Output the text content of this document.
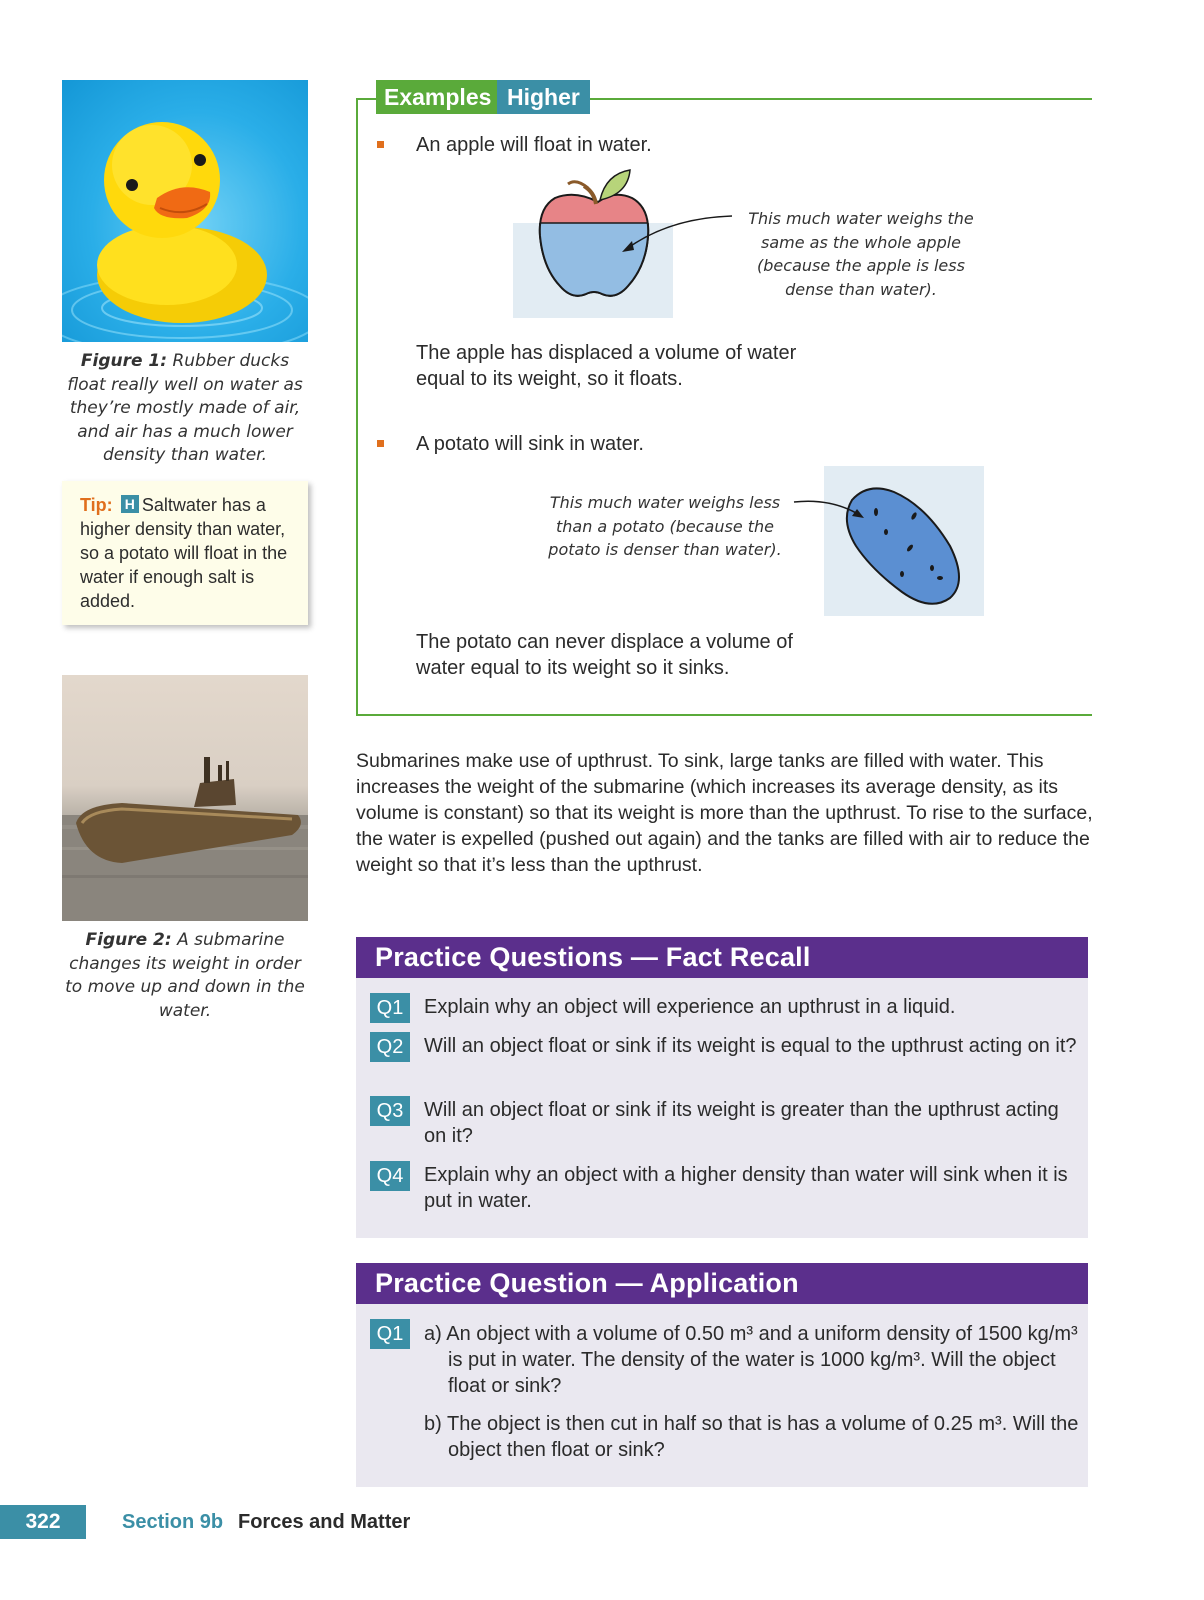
Figure 1: Rubber ducks float really well on water as they’re mostly made of air, and air has a much lower density than water.
Tip: H Saltwater has a higher density than water, so a potato will float in the water if enough salt is added.
Figure 2: A submarine changes its weight in order to move up and down in the water.
Examples Higher
An apple will float in water.
This much water weighs the same as the whole apple (because the apple is less dense than water).
The apple has displaced a volume of water equal to its weight, so it floats.
A potato will sink in water.
This much water weighs less than a potato (because the potato is denser than water).
The potato can never displace a volume of water equal to its weight so it sinks.
Submarines make use of upthrust. To sink, large tanks are filled with water. This increases the weight of the submarine (which increases its average density, as its volume is constant) so that its weight is more than the upthrust. To rise to the surface, the water is expelled (pushed out again) and the tanks are filled with air to reduce the weight so that it’s less than the upthrust.
Practice Questions — Fact Recall
Q1	Explain why an object will experience an upthrust in a liquid.
Q2	Will an object float or sink if its weight is equal to the upthrust acting on it?
Q3	Will an object float or sink if its weight is greater than the upthrust acting on it?
Q4	Explain why an object with a higher density than water will sink when it is put in water.
Practice Question — Application
Q1	a) An object with a volume of 0.50 m³ and a uniform density of 1500 kg/m³ is put in water. The density of the water is 1000 kg/m³. Will the object float or sink?
b) The object is then cut in half so that is has a volume of 0.25 m³. Will the object then float or sink?
322	Section 9b Forces and Matter
